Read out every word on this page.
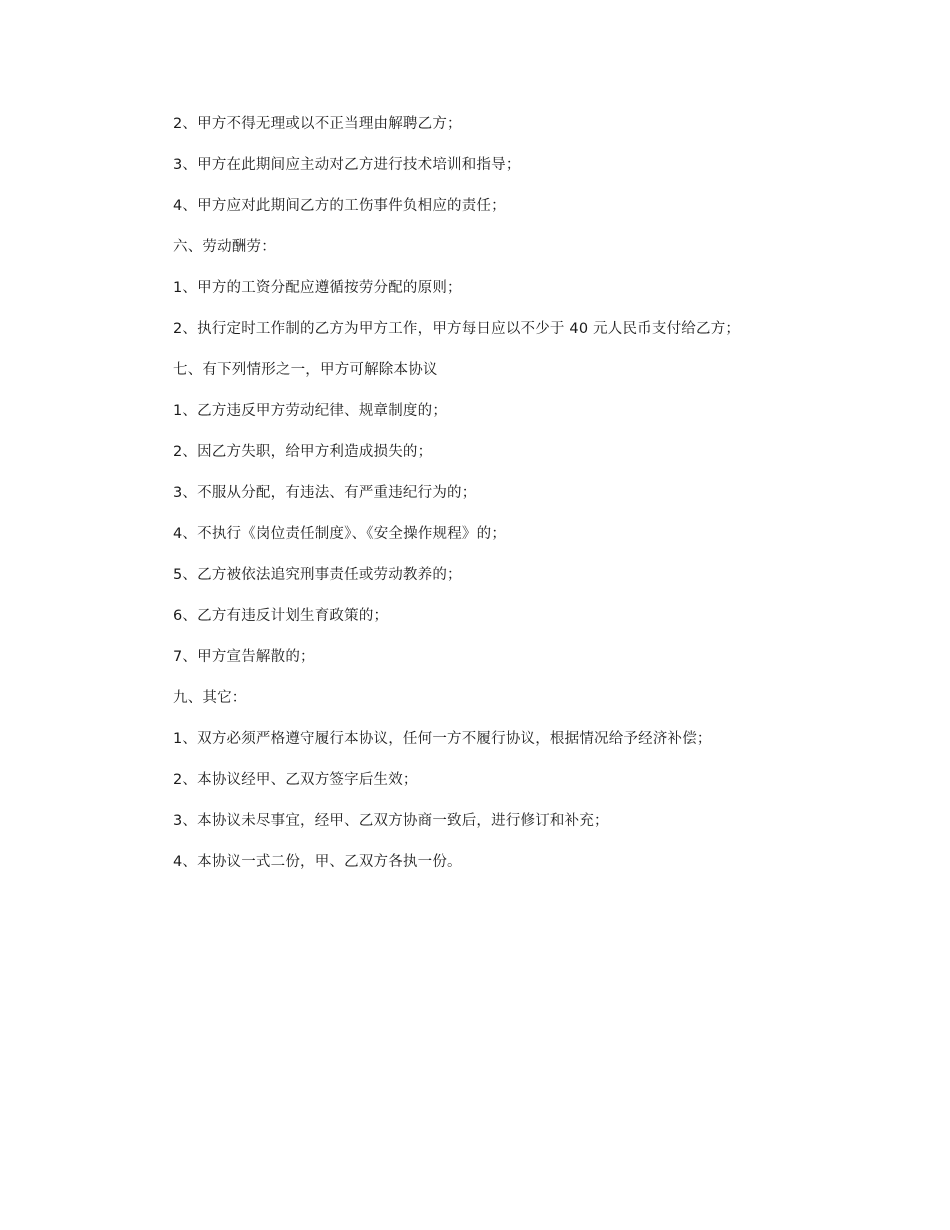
2、甲方不得无理或以不正当理由解聘乙方；
3、甲方在此期间应主动对乙方进行技术培训和指导；
4、甲方应对此期间乙方的工伤事件负相应的责任；
六、劳动酬劳：
1、甲方的工资分配应遵循按劳分配的原则；
2、执行定时工作制的乙方为甲方工作，甲方每日应以不少于 40 元人民币支付给乙方；
七、有下列情形之一，甲方可解除本协议
1、乙方违反甲方劳动纪律、规章制度的；
2、因乙方失职，给甲方利造成损失的；
3、不服从分配，有违法、有严重违纪行为的；
4、不执行《岗位责任制度》、《安全操作规程》的；
5、乙方被依法追究刑事责任或劳动教养的；
6、乙方有违反计划生育政策的；
7、甲方宣告解散的；
九、其它：
1、双方必须严格遵守履行本协议，任何一方不履行协议，根据情况给予经济补偿；
2、本协议经甲、乙双方签字后生效；
3、本协议未尽事宜，经甲、乙双方协商一致后，进行修订和补充；
4、本协议一式二份，甲、乙双方各执一份。
